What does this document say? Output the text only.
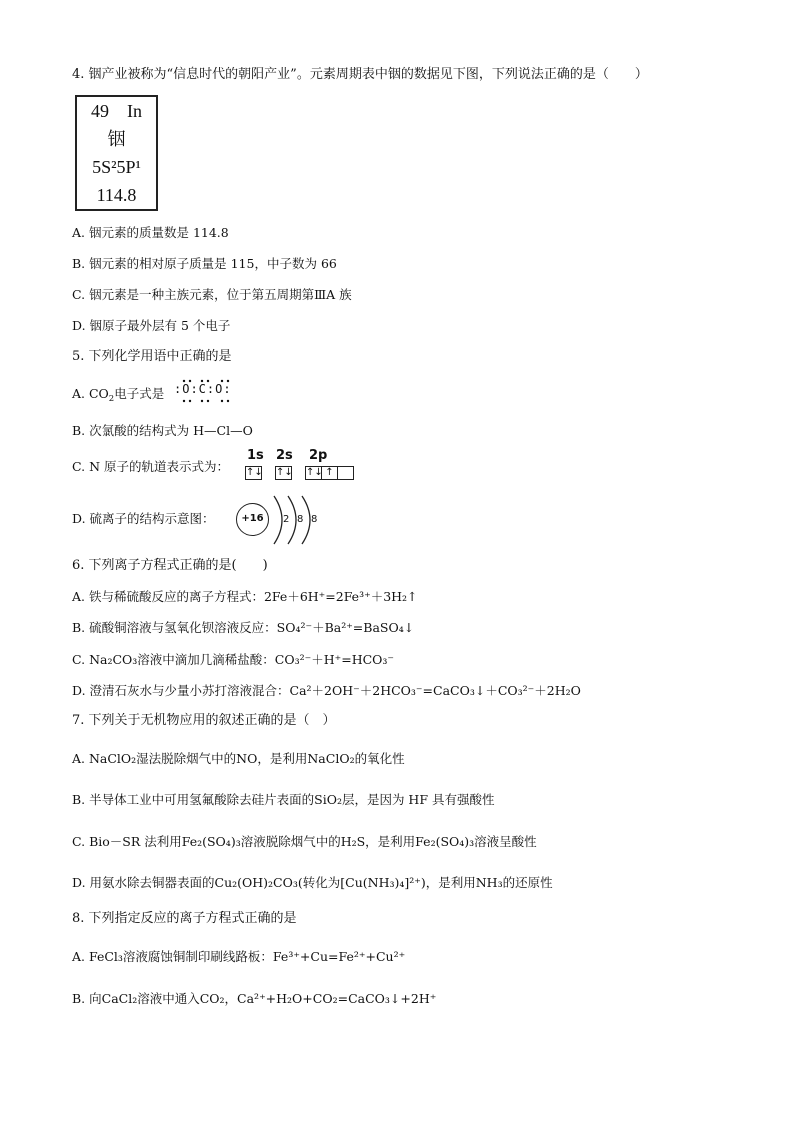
4. 铟产业被称为“信息时代的朝阳产业”。元素周期表中铟的数据见下图，下列说法正确的是（　　）
49　In
铟
5S²5P¹
114.8
A. 铟元素的质量数是 114.8
B. 铟元素的相对原子质量是 115，中子数为 66
C. 铟元素是一种主族元素，位于第五周期第ⅢA 族
D. 铟原子最外层有 5 个电子
5. 下列化学用语中正确的是
A. $CO_2$电子式是 :O:C:O:
B. 次氯酸的结构式为 H—Cl—O
C. N 原子的轨道表示式为：
1s 2s 2p
↑↓ ↑↓ ↑↓ ↑
D. 硫离子的结构示意图：	+16	2 8 8
6. 下列离子方程式正确的是(　　)
A. 铁与稀硫酸反应的离子方程式：2Fe＋6H⁺=2Fe³⁺＋3H₂↑
B. 硫酸铜溶液与氢氧化钡溶液反应：SO₄²⁻＋Ba²⁺=BaSO₄↓
C. Na₂CO₃溶液中滴加几滴稀盐酸：CO₃²⁻＋H⁺=HCO₃⁻
D. 澄清石灰水与少量小苏打溶液混合：Ca²＋2OH⁻＋2HCO₃⁻=CaCO₃↓＋CO₃²⁻＋2H₂O
7. 下列关于无机物应用的叙述正确的是（　）
A. NaClO₂湿法脱除烟气中的NO，是利用NaClO₂的氧化性
B. 半导体工业中可用氢氟酸除去硅片表面的SiO₂层，是因为 HF 具有强酸性
C. Bio－SR 法利用Fe₂(SO₄)₃溶液脱除烟气中的H₂S，是利用Fe₂(SO₄)₃溶液呈酸性
D. 用氨水除去铜器表面的Cu₂(OH)₂CO₃(转化为[Cu(NH₃)₄]²⁺)，是利用NH₃的还原性
8. 下列指定反应的离子方程式正确的是
A. FeCl₃溶液腐蚀铜制印刷线路板：Fe³⁺+Cu=Fe²⁺+Cu²⁺
B. 向CaCl₂溶液中通入CO₂，Ca²⁺+H₂O+CO₂=CaCO₃↓+2H⁺
